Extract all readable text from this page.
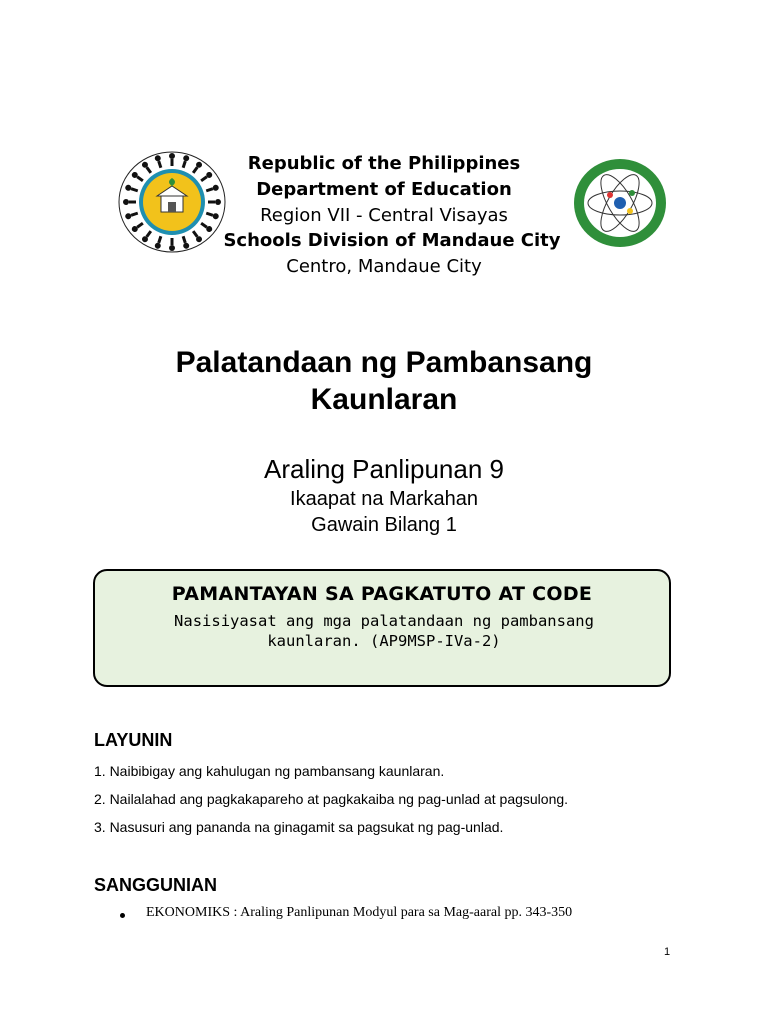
Republic of the Philippines
Department of Education
Region VII - Central Visayas
Schools Division of Mandaue City
Centro, Mandaue City
Palatandaan ng Pambansang
Kaunlaran
Araling Panlipunan 9
Ikaapat na Markahan
Gawain Bilang 1
PAMANTAYAN SA PAGKATUTO AT CODE
Nasisiyasat ang mga palatandaan ng pambansang
kaunlaran. (AP9MSP-IVa-2)
LAYUNIN
1. Naibibigay ang kahulugan ng pambansang kaunlaran.
2. Nailalahad ang pagkakapareho at pagkakaiba ng pag-unlad at pagsulong.
3. Nasusuri ang pananda na ginagamit sa pagsukat ng pag-unlad.
SANGGUNIAN
EKONOMIKS : Araling Panlipunan Modyul para sa Mag-aaral pp. 343-350
1
